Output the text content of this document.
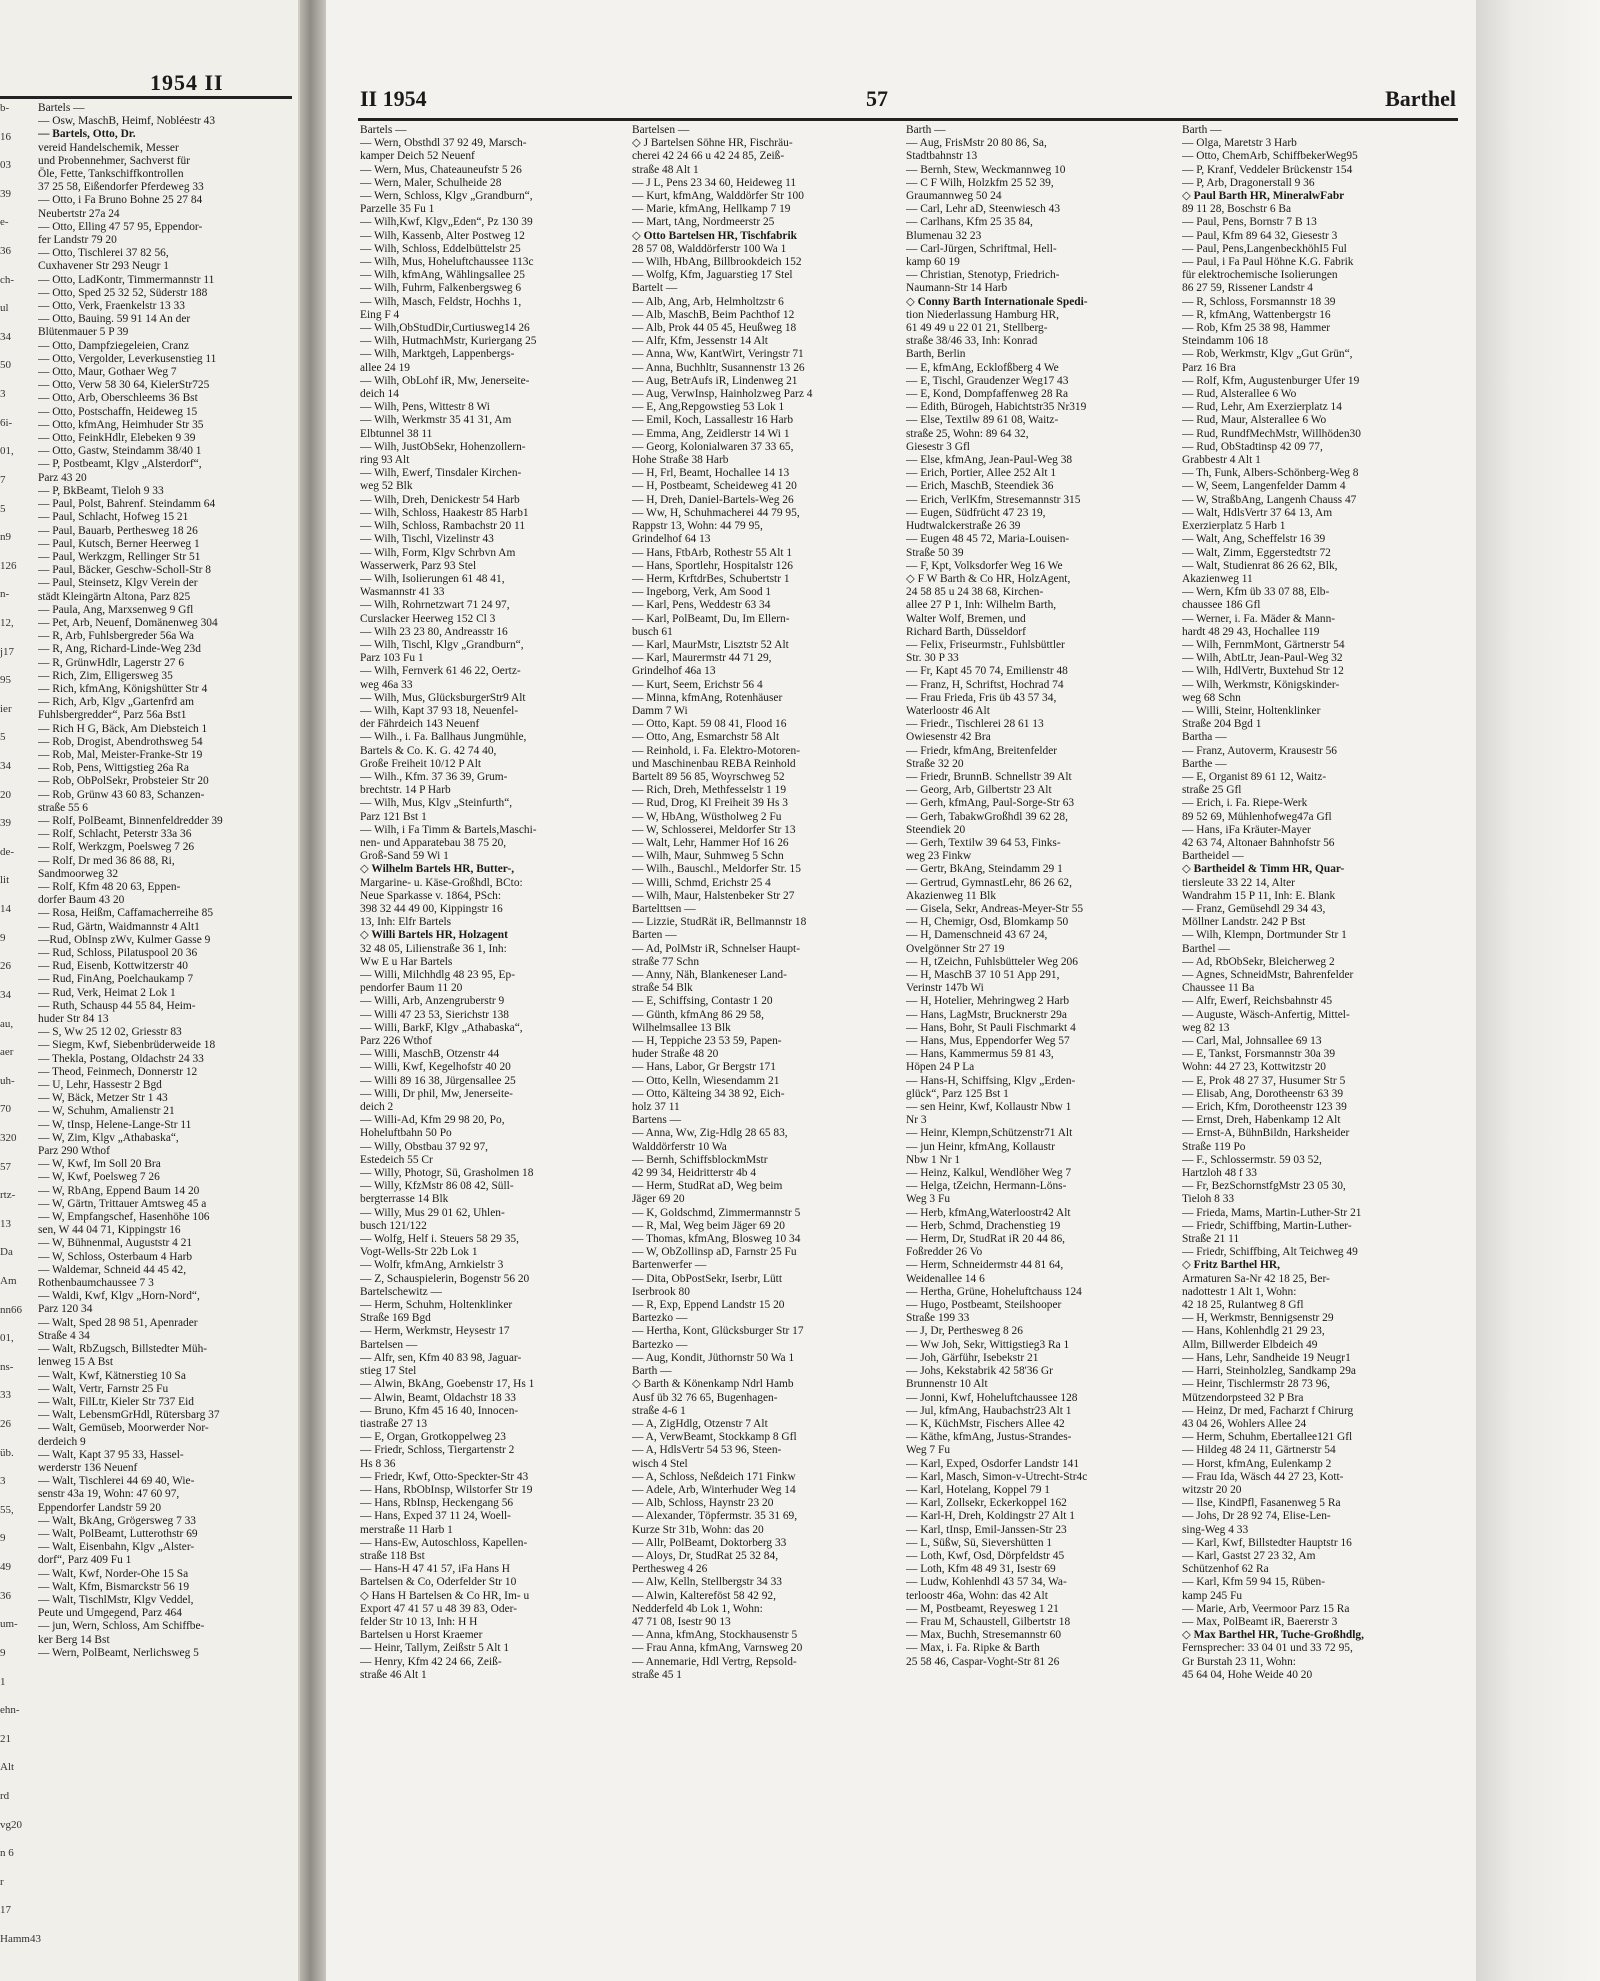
1954 II
b-
16
03
39
e-
36
ch-
ul
34
50
3
6i-
01,
7
5
n9
126
n-
12,
j17
95
ier
5
34
20
39
de-
lit
14
9
26
34
au,
aer
uh-
70
320
57
rtz-
13
Da
Am
nn66
01,
ns-
33
26
üb.
3
55,
9
49
36
um-
9
1
ehn-
21
Alt
rd
vg20
n 6
r
17
Hamm43
Bartels —
— Osw, MaschB, Heimf, Nobléestr 43
— Bartels, Otto, Dr.
vereid Handelschemik, Messer
und Probennehmer, Sachverst für
Öle, Fette, Tankschiffkontrollen
37 25 58, Eißendorfer Pferdeweg 33
— Otto, i Fa Bruno Bohne 25 27 84
Neubertstr 27a 24
— Otto, Elling 47 57 95, Eppendor-
fer Landstr 79 20
— Otto, Tischlerei 37 82 56,
Cuxhavener Str 293 Neugr 1
— Otto, LadKontr, Timmermannstr 11
— Otto, Sped 25 32 52, Süderstr 188
— Otto, Verk, Fraenkelstr 13 33
— Otto, Bauing. 59 91 14 An der
Blütenmauer 5 P 39
— Otto, Dampfziegeleien, Cranz
— Otto, Vergolder, Leverkusenstieg 11
— Otto, Maur, Gothaer Weg 7
— Otto, Verw 58 30 64, KielerStr725
— Otto, Arb, Oberschleems 36 Bst
— Otto, Postschaffn, Heideweg 15
— Otto, kfmAng, Heimhuder Str 35
— Otto, FeinkHdlr, Elebeken 9 39
— Otto, Gastw, Steindamm 38/40 1
— P, Postbeamt, Klgv „Alsterdorf“,
Parz 43 20
— P, BkBeamt, Tieloh 9 33
— Paul, Polst, Bahrenf. Steindamm 64
— Paul, Schlacht, Hofweg 15 21
— Paul, Bauarb, Perthesweg 18 26
— Paul, Kutsch, Berner Heerweg 1
— Paul, Werkzgm, Rellinger Str 51
— Paul, Bäcker, Geschw-Scholl-Str 8
— Paul, Steinsetz, Klgv Verein der
städt Kleingärtn Altona, Parz 825
— Paula, Ang, Marxsenweg 9 Gfl
— Pet, Arb, Neuenf, Domänenweg 304
— R, Arb, Fuhlsbergreder 56a Wa
— R, Ang, Richard-Linde-Weg 23d
— R, GrünwHdlr, Lagerstr 27 6
— Rich, Zim, Elligersweg 35
— Rich, kfmAng, Königshütter Str 4
— Rich, Arb, Klgv „Gartenfrd am
Fuhlsbergredder“, Parz 56a Bst1
— Rich H G, Bäck, Am Diebsteich 1
— Rob, Drogist, Abendrothsweg 54
— Rob, Mal, Meister-Franke-Str 19
— Rob, Pens, Wittigstieg 26a Ra
— Rob, ObPolSekr, Probsteier Str 20
— Rob, Grünw 43 60 83, Schanzen-
straße 55 6
— Rolf, PolBeamt, Binnenfeldredder 39
— Rolf, Schlacht, Peterstr 33a 36
— Rolf, Werkzgm, Poelsweg 7 26
— Rolf, Dr med 36 86 88, Ri,
Sandmoorweg 32
— Rolf, Kfm 48 20 63, Eppen-
dorfer Baum 43 20
— Rosa, Heißm, Caffamacherreihe 85
— Rud, Gärtn, Waidmannstr 4 Alt1
—Rud, ObInsp zWv, Kulmer Gasse 9
— Rud, Schloss, Pilatuspool 20 36
— Rud, Eisenb, Kottwitzerstr 40
— Rud, FinAng, Poelchaukamp 7
— Rud, Verk, Heimat 2 Lok 1
— Ruth, Schausp 44 55 84, Heim-
huder Str 84 13
— S, Ww 25 12 02, Griesstr 83
— Siegm, Kwf, Siebenbrüderweide 18
— Thekla, Postang, Oldachstr 24 33
— Theod, Feinmech, Donnerstr 12
— U, Lehr, Hassestr 2 Bgd
— W, Bäck, Metzer Str 1 43
— W, Schuhm, Amalienstr 21
— W, tInsp, Helene-Lange-Str 11
— W, Zim, Klgv „Athabaska“,
Parz 290 Wthof
— W, Kwf, Im Soll 20 Bra
— W, Kwf, Poelsweg 7 26
— W, RbAng, Eppend Baum 14 20
— W, Gärtn, Trittauer Amtsweg 45 a
— W, Empfangschef, Hasenhöhe 106
sen, W 44 04 71, Kippingstr 16
— W, Bühnenmal, Auguststr 4 21
— W, Schloss, Osterbaum 4 Harb
— Waldemar, Schneid 44 45 42,
Rothenbaumchaussee 7 3
— Waldi, Kwf, Klgv „Horn-Nord“,
Parz 120 34
— Walt, Sped 28 98 51, Apenrader
Straße 4 34
— Walt, RbZugsch, Billstedter Müh-
lenweg 15 A Bst
— Walt, Kwf, Kätnerstieg 10 Sa
— Walt, Vertr, Farnstr 25 Fu
— Walt, FilLtr, Kieler Str 737 Eid
— Walt, LebensmGrHdl, Rütersbarg 37
— Walt, Gemüseb, Moorwerder Nor-
derdeich 9
— Walt, Kapt 37 95 33, Hassel-
werderstr 136 Neuenf
— Walt, Tischlerei 44 69 40, Wie-
senstr 43a 19, Wohn: 47 60 97,
Eppendorfer Landstr 59 20
— Walt, BkAng, Grögersweg 7 33
— Walt, PolBeamt, Lutterothstr 69
— Walt, Eisenbahn, Klgv „Alster-
dorf“, Parz 409 Fu 1
— Walt, Kwf, Norder-Ohe 15 Sa
— Walt, Kfm, Bismarckstr 56 19
— Walt, TischlMstr, Klgv Veddel,
Peute und Umgegend, Parz 464
— jun, Wern, Schloss, Am Schiffbe-
ker Berg 14 Bst
— Wern, PolBeamt, Nerlichsweg 5
II 1954	57	Barthel
Bartels —
— Wern, Obsthdl 37 92 49, Marsch-
kamper Deich 52 Neuenf
— Wern, Mus, Chateauneufstr 5 26
— Wern, Maler, Schulheide 28
— Wern, Schloss, Klgv „Grandburn“,
Parzelle 35 Fu 1
— Wilh,Kwf, Klgv„Eden“, Pz 130 39
— Wilh, Kassenb, Alter Postweg 12
— Wilh, Schloss, Eddelbüttelstr 25
— Wilh, Mus, Hoheluftchaussee 113c
— Wilh, kfmAng, Wählingsallee 25
— Wilh, Fuhrm, Falkenbergsweg 6
— Wilh, Masch, Feldstr, Hochhs 1,
Eing F 4
— Wilh,ObStudDir,Curtiusweg14 26
— Wilh, HutmachMstr, Kuriergang 25
— Wilh, Marktgeh, Lappenbergs-
allee 24 19
— Wilh, ObLohf iR, Mw, Jenerseite-
deich 14
— Wilh, Pens, Wittestr 8 Wi
— Wilh, Werkmstr 35 41 31, Am
Elbtunnel 38 11
— Wilh, JustObSekr, Hohenzollern-
ring 93 Alt
— Wilh, Ewerf, Tinsdaler Kirchen-
weg 52 Blk
— Wilh, Dreh, Denickestr 54 Harb
— Wilh, Schloss, Haakestr 85 Harb1
— Wilh, Schloss, Rambachstr 20 11
— Wilh, Tischl, Vizelinstr 43
— Wilh, Form, Klgv Schrbvn Am
Wasserwerk, Parz 93 Stel
— Wilh, Isolierungen 61 48 41,
Wasmannstr 41 33
— Wilh, Rohrnetzwart 71 24 97,
Curslacker Heerweg 152 Cl 3
— Wilh 23 23 80, Andreasstr 16
— Wilh, Tischl, Klgv „Grandburn“,
Parz 103 Fu 1
— Wilh, Fernverk 61 46 22, Oertz-
weg 46a 33
— Wilh, Mus, GlücksburgerStr9 Alt
— Wilh, Kapt 37 93 18, Neuenfel-
der Fährdeich 143 Neuenf
— Wilh., i. Fa. Ballhaus Jungmühle,
Bartels & Co. K. G. 42 74 40,
Große Freiheit 10/12 P Alt
— Wilh., Kfm. 37 36 39, Grum-
brechtstr. 14 P Harb
— Wilh, Mus, Klgv „Steinfurth“,
Parz 121 Bst 1
— Wilh, i Fa Timm & Bartels,Maschi-
nen- und Apparatebau 38 75 20,
Groß-Sand 59 Wi 1
◇ Wilhelm Bartels HR, Butter-,
Margarine- u. Käse-Großhdl, BCto:
Neue Sparkasse v. 1864, PSch:
398 32 44 49 00, Kippingstr 16
13, Inh: Elfr Bartels
◇ Willi Bartels HR, Holzagent
32 48 05, Lilienstraße 36 1, Inh:
Ww E u Har Bartels
— Willi, Milchhdlg 48 23 95, Ep-
pendorfer Baum 11 20
— Willi, Arb, Anzengruberstr 9
— Willi 47 23 53, Sierichstr 138
— Willi, BarkF, Klgv „Athabaska“,
Parz 226 Wthof
— Willi, MaschB, Otzenstr 44
— Willi, Kwf, Kegelhofstr 40 20
— Willi 89 16 38, Jürgensallee 25
— Willi, Dr phil, Mw, Jenerseite-
deich 2
— Willi-Ad, Kfm 29 98 20, Po,
Hoheluftbahn 50 Po
— Willy, Obstbau 37 92 97,
Estedeich 55 Cr
— Willy, Photogr, Sü, Grasholmen 18
— Willy, KfzMstr 86 08 42, Süll-
bergterrasse 14 Blk
— Willy, Mus 29 01 62, Uhlen-
busch 121/122
— Wolfg, Helf i. Steuers 58 29 35,
Vogt-Wells-Str 22b Lok 1
— Wolfr, kfmAng, Arnkielstr 3
— Z, Schauspielerin, Bogenstr 56 20
Bartelschewitz —
— Herm, Schuhm, Holtenklinker
Straße 169 Bgd
— Herm, Werkmstr, Heysestr 17
Bartelsen —
— Alfr, sen, Kfm 40 83 98, Jaguar-
stieg 17 Stel
— Alwin, BkAng, Goebenstr 17, Hs 1
— Alwin, Beamt, Oldachstr 18 33
— Bruno, Kfm 45 16 40, Innocen-
tiastraße 27 13
— E, Organ, Grotkoppelweg 23
— Friedr, Schloss, Tiergartenstr 2
Hs 8 36
— Friedr, Kwf, Otto-Speckter-Str 43
— Hans, RbObInsp, Wilstorfer Str 19
— Hans, RbInsp, Heckengang 56
— Hans, Exped 37 11 24, Woell-
merstraße 11 Harb 1
— Hans-Ew, Autoschloss, Kapellen-
straße 118 Bst
— Hans-H 47 41 57, iFa Hans H
Bartelsen & Co, Oderfelder Str 10
◇ Hans H Bartelsen & Co HR, Im- u
Export 47 41 57 u 48 39 83, Oder-
felder Str 10 13, Inh: H H
Bartelsen u Horst Kraemer
— Heinr, Tallym, Zeißstr 5 Alt 1
— Henry, Kfm 42 24 66, Zeiß-
straße 46 Alt 1
Bartelsen —
◇ J Bartelsen Söhne HR, Fischräu-
cherei 42 24 66 u 42 24 85, Zeiß-
straße 48 Alt 1
— J L, Pens 23 34 60, Heideweg 11
— Kurt, kfmAng, Walddörfer Str 100
— Marie, kfmAng, Hellkamp 7 19
— Mart, tAng, Nordmeerstr 25
◇ Otto Bartelsen HR, Tischfabrik
28 57 08, Walddörferstr 100 Wa 1
— Wilh, HbAng, Billbrookdeich 152
— Wolfg, Kfm, Jaguarstieg 17 Stel
Bartelt —
— Alb, Ang, Arb, Helmholtzstr 6
— Alb, MaschB, Beim Pachthof 12
— Alb, Prok 44 05 45, Heußweg 18
— Alfr, Kfm, Jessenstr 14 Alt
— Anna, Ww, KantWirt, Veringstr 71
— Anna, Buchhltr, Susannenstr 13 26
— Aug, BetrAufs iR, Lindenweg 21
— Aug, VerwInsp, Hainholzweg Parz 4
— E, Ang,Repgowstieg 53 Lok 1
— Emil, Koch, Lassallestr 16 Harb
— Emma, Ang, Zeidlerstr 14 Wi 1
— Georg, Kolonialwaren 37 33 65,
Hohe Straße 38 Harb
— H, Frl, Beamt, Hochallee 14 13
— H, Postbeamt, Scheideweg 41 20
— H, Dreh, Daniel-Bartels-Weg 26
— Ww, H, Schuhmacherei 44 79 95,
Rappstr 13, Wohn: 44 79 95,
Grindelhof 64 13
— Hans, FtbArb, Rothestr 55 Alt 1
— Hans, Sportlehr, Hospitalstr 126
— Herm, KrftdrBes, Schubertstr 1
— Ingeborg, Verk, Am Sood 1
— Karl, Pens, Weddestr 63 34
— Karl, PolBeamt, Du, Im Ellern-
busch 61
— Karl, MaurMstr, Lisztstr 52 Alt
— Karl, Maurermstr 44 71 29,
Grindelhof 46a 13
— Kurt, Seem, Erichstr 56 4
— Minna, kfmAng, Rotenhäuser
Damm 7 Wi
— Otto, Kapt. 59 08 41, Flood 16
— Otto, Ang, Esmarchstr 58 Alt
— Reinhold, i. Fa. Elektro-Motoren-
und Maschinenbau REBA Reinhold
Bartelt 89 56 85, Woyrschweg 52
— Rich, Dreh, Methfesselstr 1 19
— Rud, Drog, Kl Freiheit 39 Hs 3
— W, HbAng, Wüstholweg 2 Fu
— W, Schlosserei, Meldorfer Str 13
— Walt, Lehr, Hammer Hof 16 26
— Wilh, Maur, Suhmweg 5 Schn
— Wilh., Bauschl., Meldorfer Str. 15
— Willi, Schmd, Erichstr 25 4
— Wilh, Maur, Halstenbeker Str 27
Bartelttsen —
— Lizzie, StudRät iR, Bellmannstr 18
Barten —
— Ad, PolMstr iR, Schnelser Haupt-
straße 77 Schn
— Anny, Näh, Blankeneser Land-
straße 54 Blk
— E, Schiffsing, Contastr 1 20
— Günth, kfmAng 86 29 58,
Wilhelmsallee 13 Blk
— H, Teppiche 23 53 59, Papen-
huder Straße 48 20
— Hans, Labor, Gr Bergstr 171
— Otto, Kelln, Wiesendamm 21
— Otto, Kälteing 34 38 92, Eich-
holz 37 11
Bartens —
— Anna, Ww, Zig-Hdlg 28 65 83,
Walddörferstr 10 Wa
— Bernh, SchiffsblockmMstr
42 99 34, Heidritterstr 4b 4
— Herm, StudRat aD, Weg beim
Jäger 69 20
— K, Goldschmd, Zimmermannstr 5
— R, Mal, Weg beim Jäger 69 20
— Thomas, kfmAng, Blosweg 10 34
— W, ObZollinsp aD, Farnstr 25 Fu
Bartenwerfer —
— Dita, ObPostSekr, Iserbr, Lütt
Iserbrook 80
— R, Exp, Eppend Landstr 15 20
Bartezko —
— Hertha, Kont, Glücksburger Str 17
Bartezko —
— Aug, Kondit, Jüthornstr 50 Wa 1
Barth —
◇ Barth & Könenkamp Ndrl Hamb
Ausf üb 32 76 65, Bugenhagen-
straße 4-6 1
— A, ZigHdlg, Otzenstr 7 Alt
— A, VerwBeamt, Stockkamp 8 Gfl
— A, HdlsVertr 54 53 96, Steen-
wisch 4 Stel
— A, Schloss, Neßdeich 171 Finkw
— Adele, Arb, Winterhuder Weg 14
— Alb, Schloss, Haynstr 23 20
— Alexander, Töpfermstr. 35 31 69,
Kurze Str 31b, Wohn: das 20
— Allr, PolBeamt, Doktorberg 33
— Aloys, Dr, StudRat 25 32 84,
Perthesweg 4 26
— Alw, Kelln, Stellbergstr 34 33
— Alwin, Kaltereföst 58 42 92,
Nedderfeld 4b Lok 1, Wohn:
47 71 08, Isestr 90 13
— Anna, kfmAng, Stockhausenstr 5
— Frau Anna, kfmAng, Varnsweg 20
— Annemarie, Hdl Vertrg, Repsold-
straße 45 1
Barth —
— Aug, FrisMstr 20 80 86, Sa,
Stadtbahnstr 13
— Bernh, Stew, Weckmannweg 10
— C F Wilh, Holzkfm 25 52 39,
Graumannweg 50 24
— Carl, Lehr aD, Steenwiesch 43
— Carlhans, Kfm 25 35 84,
Blumenau 32 23
— Carl-Jürgen, Schriftmal, Hell-
kamp 60 19
— Christian, Stenotyp, Friedrich-
Naumann-Str 14 Harb
◇ Conny Barth Internationale Spedi-
tion Niederlassung Hamburg HR,
61 49 49 u 22 01 21, Stellberg-
straße 38/46 33, Inh: Konrad
Barth, Berlin
— E, kfmAng, Ecklofßberg 4 We
— E, Tischl, Graudenzer Weg17 43
— E, Kond, Dompfaffenweg 28 Ra
— Edith, Bürogeh, Habichtstr35 Nr319
— Else, Textilw 89 61 08, Waitz-
straße 25, Wohn: 89 64 32,
Giesestr 3 Gfl
— Else, kfmAng, Jean-Paul-Weg 38
— Erich, Portier, Allee 252 Alt 1
— Erich, MaschB, Steendiek 36
— Erich, VerlKfm, Stresemannstr 315
— Eugen, Südfrücht 47 23 19,
Hudtwalckerstraße 26 39
— Eugen 48 45 72, Maria-Louisen-
Straße 50 39
— F, Kpt, Volksdorfer Weg 16 We
◇ F W Barth & Co HR, HolzAgent,
24 58 85 u 24 38 68, Kirchen-
allee 27 P 1, Inh: Wilhelm Barth,
Walter Wolf, Bremen, und
Richard Barth, Düsseldorf
— Felix, Friseurmstr., Fuhlsbüttler
Str. 30 P 33
— Fr, Kapt 45 70 74, Emilienstr 48
— Franz, H, Schriftst, Hochrad 74
— Frau Frieda, Fris üb 43 57 34,
Waterloostr 46 Alt
— Friedr., Tischlerei 28 61 13
Owiesenstr 42 Bra
— Friedr, kfmAng, Breitenfelder
Straße 32 20
— Friedr, BrunnB. Schnellstr 39 Alt
— Georg, Arb, Gilbertstr 23 Alt
— Gerh, kfmAng, Paul-Sorge-Str 63
— Gerh, TabakwGroßhdl 39 62 28,
Steendiek 20
— Gerh, Textilw 39 64 53, Finks-
weg 23 Finkw
— Gertr, BkAng, Steindamm 29 1
— Gertrud, GymnastLehr, 86 26 62,
Akazienweg 11 Blk
— Gisela, Sekr, Andreas-Meyer-Str 55
— H, Chemigr, Osd, Blomkamp 50
— H, Damenschneid 43 67 24,
Ovelgönner Str 27 19
— H, tZeichn, Fuhlsbütteler Weg 206
— H, MaschB 37 10 51 App 291,
Verinstr 147b Wi
— H, Hotelier, Mehringweg 2 Harb
— Hans, LagMstr, Brucknerstr 29a
— Hans, Bohr, St Pauli Fischmarkt 4
— Hans, Mus, Eppendorfer Weg 57
— Hans, Kammermus 59 81 43,
Höpen 24 P La
— Hans-H, Schiffsing, Klgv „Erden-
glück“, Parz 125 Bst 1
— sen Heinr, Kwf, Kollaustr Nbw 1
Nr 3
— Heinr, Klempn,Schützenstr71 Alt
— jun Heinr, kfmAng, Kollaustr
Nbw 1 Nr 1
— Heinz, Kalkul, Wendlöher Weg 7
— Helga, tZeichn, Hermann-Löns-
Weg 3 Fu
— Herb, kfmAng,Waterloostr42 Alt
— Herb, Schmd, Drachenstieg 19
— Herm, Dr, StudRat iR 20 44 86,
Foßredder 26 Vo
— Herm, Schneidermstr 44 81 64,
Weidenallee 14 6
— Hertha, Grüne, Hoheluftchauss 124
— Hugo, Postbeamt, Steilshooper
Straße 199 33
— J, Dr, Perthesweg 8 26
— Ww Joh, Sekr, Wittigstieg3 Ra 1
— Joh, Gärführ, Isebekstr 21
— Johs, Kekstabrik 42 58'36 Gr
Brunnenstr 10 Alt
— Jonni, Kwf, Hoheluftchaussee 128
— Jul, kfmAng, Haubachstr23 Alt 1
— K, KüchMstr, Fischers Allee 42
— Käthe, kfmAng, Justus-Strandes-
Weg 7 Fu
— Karl, Exped, Osdorfer Landstr 141
— Karl, Masch, Simon-v-Utrecht-Str4c
— Karl, Hotelang, Koppel 79 1
— Karl, Zollsekr, Eckerkoppel 162
— Karl-H, Dreh, Koldingstr 27 Alt 1
— Karl, tInsp, Emil-Janssen-Str 23
— L, Süßw, Sü, Sievershütten 1
— Loth, Kwf, Osd, Dörpfeldstr 45
— Loth, Kfm 48 49 31, Isestr 69
— Ludw, Kohlenhdl 43 57 34, Wa-
terloostr 46a, Wohn: das 42 Alt
— M, Postbeamt, Reyesweg 1 21
— Frau M, Schaustell, Gilbertstr 18
— Max, Buchh, Stresemannstr 60
— Max, i. Fa. Ripke & Barth
25 58 46, Caspar-Voght-Str 81 26
Barth —
— Olga, Maretstr 3 Harb
— Otto, ChemArb, SchiffbekerWeg95
— P, Kranf, Veddeler Brückenstr 154
— P, Arb, Dragonerstall 9 36
◇ Paul Barth HR, MineralwFabr
89 11 28, Boschstr 6 Ba
— Paul, Pens, Bornstr 7 B 13
— Paul, Kfm 89 64 32, Giesestr 3
— Paul, Pens,LangenbeckhöhI5 Ful
— Paul, i Fa Paul Höhne K.G. Fabrik
für elektrochemische Isolierungen
86 27 59, Rissener Landstr 4
— R, Schloss, Forsmannstr 18 39
— R, kfmAng, Wattenbergstr 16
— Rob, Kfm 25 38 98, Hammer
Steindamm 106 18
— Rob, Werkmstr, Klgv „Gut Grün“,
Parz 16 Bra
— Rolf, Kfm, Augustenburger Ufer 19
— Rud, Alsterallee 6 Wo
— Rud, Lehr, Am Exerzierplatz 14
— Rud, Maur, Alsterallee 6 Wo
— Rud, RundfMechMstr, Willhöden30
— Rud, ObStadtinsp 42 09 77,
Grabbestr 4 Alt 1
— Th, Funk, Albers-Schönberg-Weg 8
— W, Seem, Langenfelder Damm 4
— W, StraßbAng, Langenh Chauss 47
— Walt, HdlsVertr 37 64 13, Am
Exerzierplatz 5 Harb 1
— Walt, Ang, Scheffelstr 16 39
— Walt, Zimm, Eggerstedtstr 72
— Walt, Studienrat 86 26 62, Blk,
Akazienweg 11
— Wern, Kfm üb 33 07 88, Elb-
chaussee 186 Gfl
— Werner, i. Fa. Mäder & Mann-
hardt 48 29 43, Hochallee 119
— Wilh, FernmMont, Gärtnerstr 54
— Wilh, AbtLtr, Jean-Paul-Weg 32
— Wilh, HdlVertr, Buxtehud Str 12
— Wilh, Werkmstr, Königskinder-
weg 68 Schn
— Willi, Steinr, Holtenklinker
Straße 204 Bgd 1
Bartha —
— Franz, Autoverm, Krausestr 56
Barthe —
— E, Organist 89 61 12, Waitz-
straße 25 Gfl
— Erich, i. Fa. Riepe-Werk
89 52 69, Mühlenhofweg47a Gfl
— Hans, iFa Kräuter-Mayer
42 63 74, Altonaer Bahnhofstr 56
Bartheidel —
◇ Bartheidel & Timm HR, Quar-
tiersleute 33 22 14, Alter
Wandrahm 15 P 11, Inh: E. Blank
— Franz, Gemüsehdl 29 34 43,
Möllner Landstr. 242 P Bst
— Wilh, Klempn, Dortmunder Str 1
Barthel —
— Ad, RbObSekr, Bleicherweg 2
— Agnes, SchneidMstr, Bahrenfelder
Chaussee 11 Ba
— Alfr, Ewerf, Reichsbahnstr 45
— Auguste, Wäsch-Anfertig, Mittel-
weg 82 13
— Carl, Mal, Johnsallee 69 13
— E, Tankst, Forsmannstr 30a 39
Wohn: 44 27 23, Kottwitzstr 20
— E, Prok 48 27 37, Husumer Str 5
— Elisab, Ang, Dorotheenstr 63 39
— Erich, Kfm, Dorotheenstr 123 39
— Ernst, Dreh, Habenkamp 12 Alt
— Ernst-A, BühnBildn, Harksheider
Straße 119 Po
— F., Schlossermstr. 59 03 52,
Hartzloh 48 f 33
— Fr, BezSchornstfgMstr 23 05 30,
Tieloh 8 33
— Frieda, Mams, Martin-Luther-Str 21
— Friedr, Schiffbing, Martin-Luther-
Straße 21 11
— Friedr, Schiffbing, Alt Teichweg 49
◇ Fritz Barthel HR,
Armaturen Sa-Nr 42 18 25, Ber-
nadottestr 1 Alt 1, Wohn:
42 18 25, Rulantweg 8 Gfl
— H, Werkmstr, Bennigsenstr 29
— Hans, Kohlenhdlg 21 29 23,
Allm, Billwerder Elbdeich 49
— Hans, Lehr, Sandheide 19 Neugr1
— Harri, Steinholzleg, Sandkamp 29a
— Heinr, Tischlermstr 28 73 96,
Mützendorpsteed 32 P Bra
— Heinz, Dr med, Facharzt f Chirurg
43 04 26, Wohlers Allee 24
— Herm, Schuhm, Ebertallee121 Gfl
— Hildeg 48 24 11, Gärtnerstr 54
— Horst, kfmAng, Eulenkamp 2
— Frau Ida, Wäsch 44 27 23, Kott-
witzstr 20 20
— Ilse, KindPfl, Fasanenweg 5 Ra
— Johs, Dr 28 92 74, Elise-Len-
sing-Weg 4 33
— Karl, Kwf, Billstedter Hauptstr 16
— Karl, Gastst 27 23 32, Am
Schützenhof 62 Ra
— Karl, Kfm 59 94 15, Rüben-
kamp 245 Fu
— Marie, Arb, Veermoor Parz 15 Ra
— Max, PolBeamt iR, Baererstr 3
◇ Max Barthel HR, Tuche-Großhdlg,
Fernsprecher: 33 04 01 und 33 72 95,
Gr Burstah 23 11, Wohn:
45 64 04, Hohe Weide 40 20
